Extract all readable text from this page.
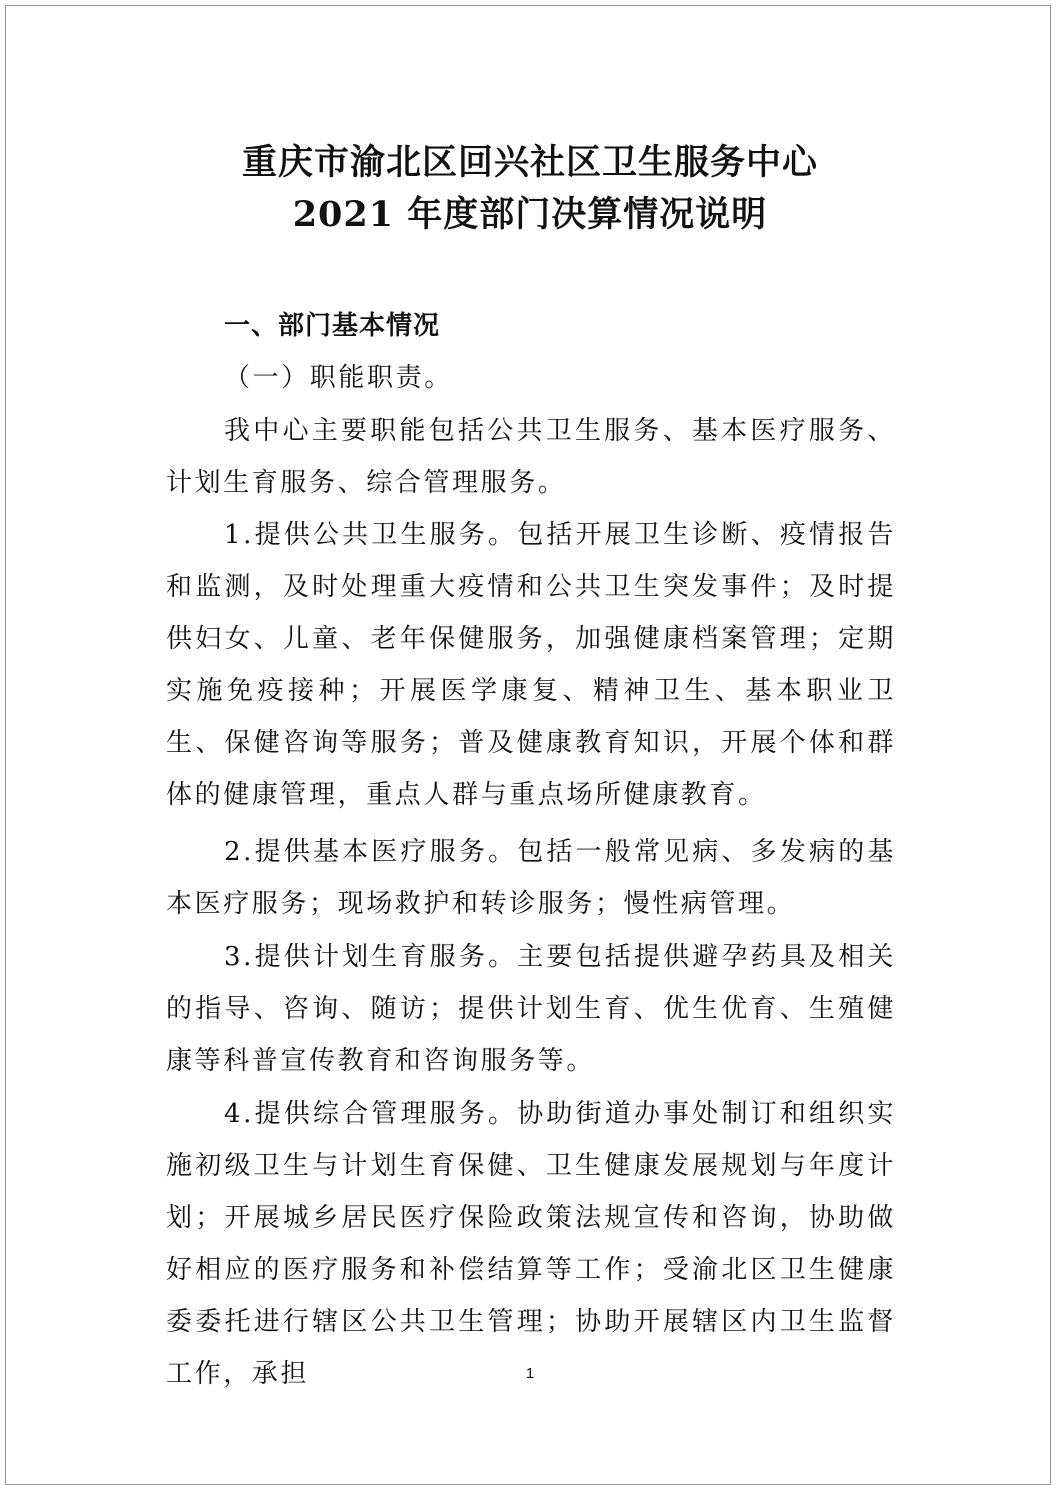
重庆市渝北区回兴社区卫生服务中心
2021 年度部门决算情况说明
一、部门基本情况

（一）职能职责。

我中心主要职能包括公共卫生服务、基本医疗服务、计划生育服务、综合管理服务。

1.提供公共卫生服务。包括开展卫生诊断、疫情报告和监测，及时处理重大疫情和公共卫生突发事件；及时提供妇女、儿童、老年保健服务，加强健康档案管理；定期实施免疫接种；开展医学康复、精神卫生、基本职业卫生、保健咨询等服务；普及健康教育知识，开展个体和群体的健康管理，重点人群与重点场所健康教育。

2.提供基本医疗服务。包括一般常见病、多发病的基本医疗服务；现场救护和转诊服务；慢性病管理。

3.提供计划生育服务。主要包括提供避孕药具及相关的指导、咨询、随访；提供计划生育、优生优育、生殖健康等科普宣传教育和咨询服务等。

4.提供综合管理服务。协助街道办事处制订和组织实施初级卫生与计划生育保健、卫生健康发展规划与年度计划；开展城乡居民医疗保险政策法规宣传和咨询，协助做好相应的医疗服务和补偿结算等工作；受渝北区卫生健康委委托进行辖区公共卫生管理；协助开展辖区内卫生监督工作，承担	1
